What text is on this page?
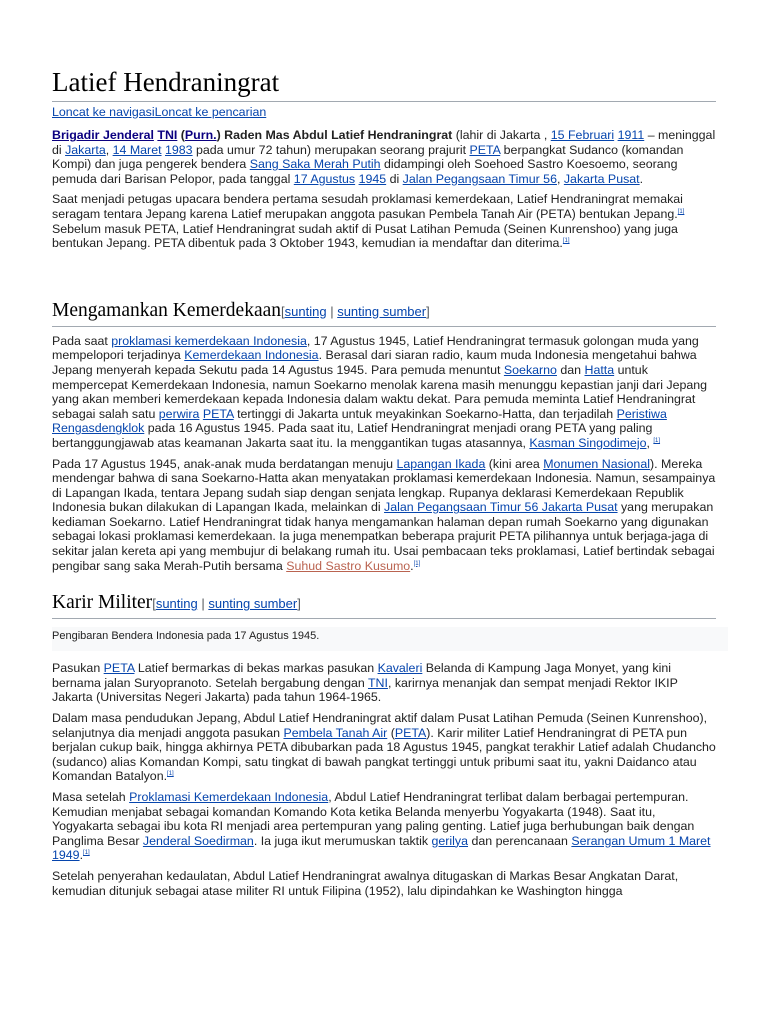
Latief Hendraningrat
Loncat ke navigasiLoncat ke pencarian

Brigadir Jenderal TNI (Purn.) Raden Mas Abdul Latief Hendraningrat (lahir di Jakarta , 15 Februari 1911 – meninggal di Jakarta, 14 Maret 1983 pada umur 72 tahun) merupakan seorang prajurit PETA berpangkat Sudanco (komandan Kompi) dan juga pengerek bendera Sang Saka Merah Putih didampingi oleh Soehoed Sastro Koesoemo, seorang pemuda dari Barisan Pelopor, pada tanggal 17 Agustus 1945 di Jalan Pegangsaan Timur 56, Jakarta Pusat.

Saat menjadi petugas upacara bendera pertama sesudah proklamasi kemerdekaan, Latief Hendraningrat memakai seragam tentara Jepang karena Latief merupakan anggota pasukan Pembela Tanah Air (PETA) bentukan Jepang.[1] Sebelum masuk PETA, Latief Hendraningrat sudah aktif di Pusat Latihan Pemuda (Seinen Kunrenshoo) yang juga bentukan Jepang. PETA dibentuk pada 3 Oktober 1943, kemudian ia mendaftar dan diterima.[1]

Mengamankan Kemerdekaan[sunting | sunting sumber]

Pada saat proklamasi kemerdekaan Indonesia, 17 Agustus 1945, Latief Hendraningrat termasuk golongan muda yang mempelopori terjadinya Kemerdekaan Indonesia. Berasal dari siaran radio, kaum muda Indonesia mengetahui bahwa Jepang menyerah kepada Sekutu pada 14 Agustus 1945. Para pemuda menuntut Soekarno dan Hatta untuk mempercepat Kemerdekaan Indonesia, namun Soekarno menolak karena masih menunggu kepastian janji dari Jepang yang akan memberi kemerdekaan kepada Indonesia dalam waktu dekat. Para pemuda meminta Latief Hendraningrat sebagai salah satu perwira PETA tertinggi di Jakarta untuk meyakinkan Soekarno-Hatta, dan terjadilah Peristiwa Rengasdengklok pada 16 Agustus 1945. Pada saat itu, Latief Hendraningrat menjadi orang PETA yang paling bertanggungjawab atas keamanan Jakarta saat itu. Ia menggantikan tugas atasannya, Kasman Singodimejo, [1]

Pada 17 Agustus 1945, anak-anak muda berdatangan menuju Lapangan Ikada (kini area Monumen Nasional). Mereka mendengar bahwa di sana Soekarno-Hatta akan menyatakan proklamasi kemerdekaan Indonesia. Namun, sesampainya di Lapangan Ikada, tentara Jepang sudah siap dengan senjata lengkap. Rupanya deklarasi Kemerdekaan Republik Indonesia bukan dilakukan di Lapangan Ikada, melainkan di Jalan Pegangsaan Timur 56 Jakarta Pusat yang merupakan kediaman Soekarno. Latief Hendraningrat tidak hanya mengamankan halaman depan rumah Soekarno yang digunakan sebagai lokasi proklamasi kemerdekaan. Ia juga menempatkan beberapa prajurit PETA pilihannya untuk berjaga-jaga di sekitar jalan kereta api yang membujur di belakang rumah itu. Usai pembacaan teks proklamasi, Latief bertindak sebagai pengibar sang saka Merah-Putih bersama Suhud Sastro Kusumo.[1]

Karir Militer[sunting | sunting sumber]
Pengibaran Bendera Indonesia pada 17 Agustus 1945.

Pasukan PETA Latief bermarkas di bekas markas pasukan Kavaleri Belanda di Kampung Jaga Monyet, yang kini bernama jalan Suryopranoto. Setelah bergabung dengan TNI, karirnya menanjak dan sempat menjadi Rektor IKIP Jakarta (Universitas Negeri Jakarta) pada tahun 1964-1965.

Dalam masa pendudukan Jepang, Abdul Latief Hendraningrat aktif dalam Pusat Latihan Pemuda (Seinen Kunrenshoo), selanjutnya dia menjadi anggota pasukan Pembela Tanah Air (PETA). Karir militer Latief Hendraningrat di PETA pun berjalan cukup baik, hingga akhirnya PETA dibubarkan pada 18 Agustus 1945, pangkat terakhir Latief adalah Chudancho (sudanco) alias Komandan Kompi, satu tingkat di bawah pangkat tertinggi untuk pribumi saat itu, yakni Daidanco atau Komandan Batalyon.[1]

Masa setelah Proklamasi Kemerdekaan Indonesia, Abdul Latief Hendraningrat terlibat dalam berbagai pertempuran. Kemudian menjabat sebagai komandan Komando Kota ketika Belanda menyerbu Yogyakarta (1948). Saat itu, Yogyakarta sebagai ibu kota RI menjadi area pertempuran yang paling genting. Latief juga berhubungan baik dengan Panglima Besar Jenderal Soedirman. Ia juga ikut merumuskan taktik gerilya dan perencanaan Serangan Umum 1 Maret 1949.[1]

Setelah penyerahan kedaulatan, Abdul Latief Hendraningrat awalnya ditugaskan di Markas Besar Angkatan Darat, kemudian ditunjuk sebagai atase militer RI untuk Filipina (1952), lalu dipindahkan ke Washington hingga
